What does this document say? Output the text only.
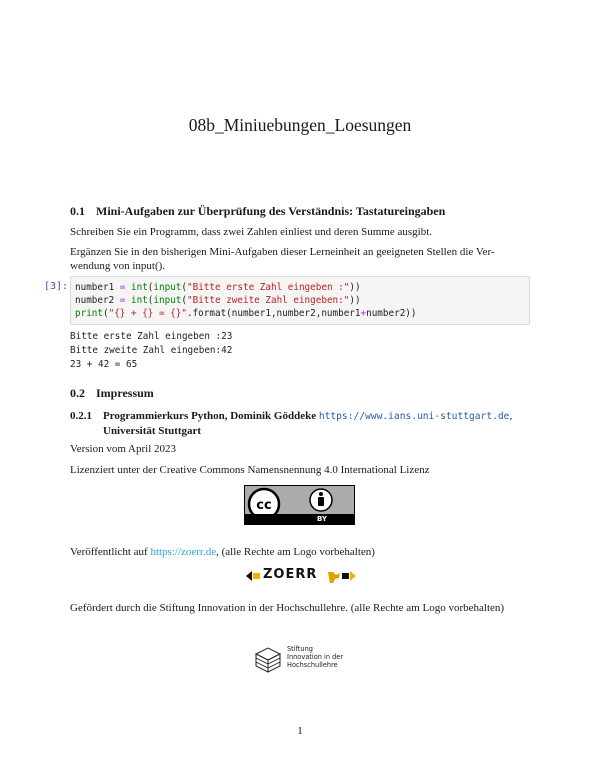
08b_Miniuebungen_Loesungen
0.1 Mini-Aufgaben zur Überprüfung des Verständnis: Tastatureingaben
Schreiben Sie ein Programm, dass zwei Zahlen einliest und deren Summe ausgibt.
Ergänzen Sie in den bisherigen Mini-Aufgaben dieser Lerneinheit an geeigneten Stellen die Ver-
wendung von input().
[3]: number1 = int(input("Bitte erste Zahl eingeben :"))
number2 = int(input("Bitte zweite Zahl eingeben:"))
print("{} + {} = {}".format(number1,number2,number1+number2))
Bitte erste Zahl eingeben :23
Bitte zweite Zahl eingeben:42
23 + 42 = 65
0.2 Impressum
0.2.1 Programmierkurs Python, Dominik Göddeke https://www.ians.uni-stuttgart.de,
Universität Stuttgart
Version vom April 2023
Lizenziert unter der Creative Commons Namensnennung 4.0 International Lizenz
cc
BY
Veröffentlicht auf https://zoerr.de, (alle Rechte am Logo vorbehalten)
ZOERR
Gefördert durch die Stiftung Innovation in der Hochschullehre. (alle Rechte am Logo vorbehalten)
Stiftung
Innovation in der
Hochschullehre
1
